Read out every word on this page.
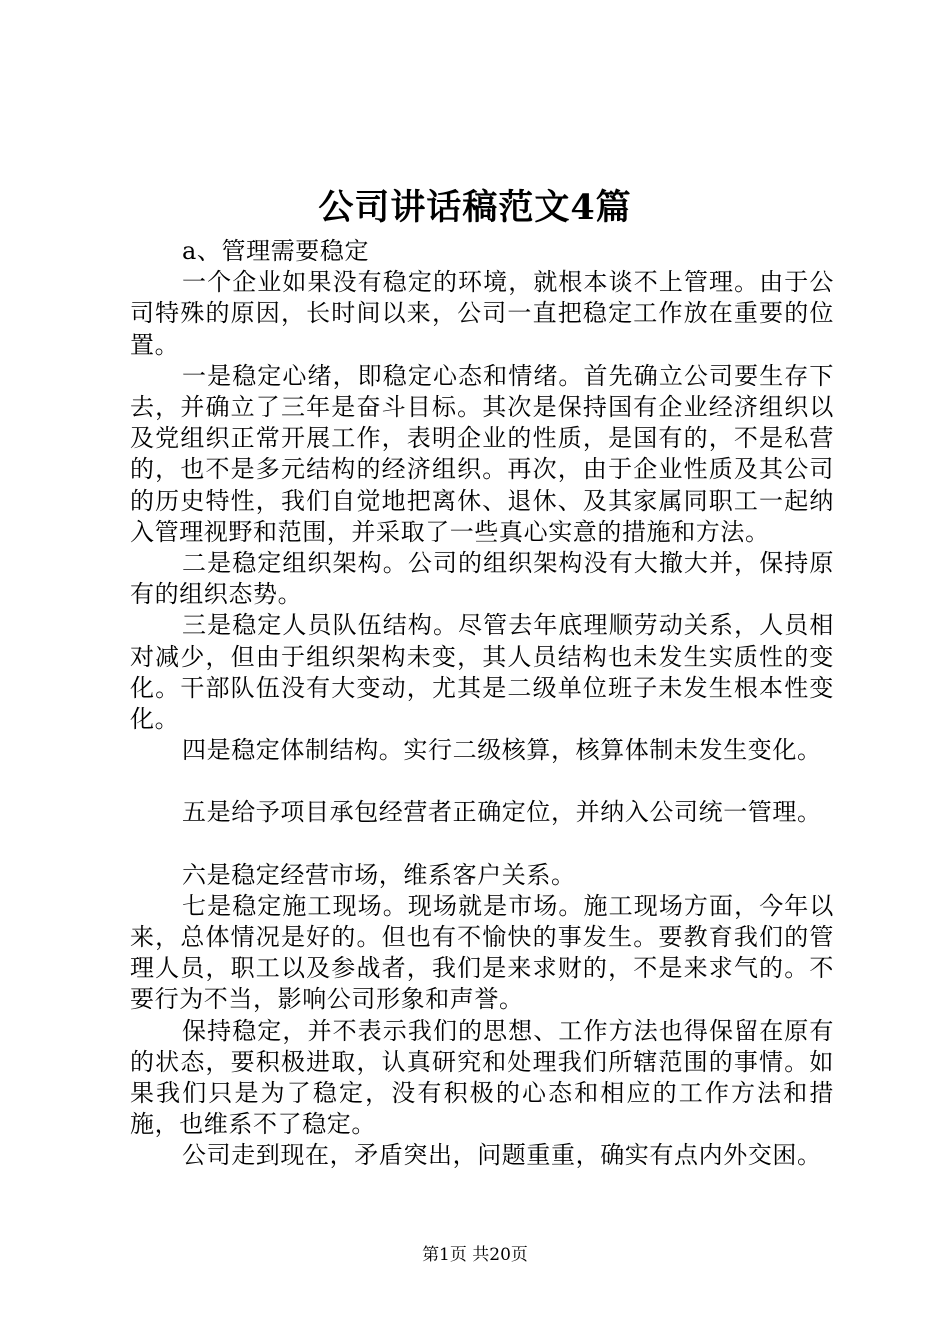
公司讲话稿范文4篇

a、管理需要稳定

一个企业如果没有稳定的环境，就根本谈不上管理。由于公司特殊的原因，长时间以来，公司一直把稳定工作放在重要的位置。

一是稳定心绪，即稳定心态和情绪。首先确立公司要生存下去，并确立了三年是奋斗目标。其次是保持国有企业经济组织以及党组织正常开展工作，表明企业的性质，是国有的，不是私营的，也不是多元结构的经济组织。再次，由于企业性质及其公司的历史特性，我们自觉地把离休、退休、及其家属同职工一起纳入管理视野和范围，并采取了一些真心实意的措施和方法。

二是稳定组织架构。公司的组织架构没有大撤大并，保持原有的组织态势。

三是稳定人员队伍结构。尽管去年底理顺劳动关系，人员相对减少，但由于组织架构未变，其人员结构也未发生实质性的变化。干部队伍没有大变动，尤其是二级单位班子未发生根本性变化。

四是稳定体制结构。实行二级核算，核算体制未发生变化。

五是给予项目承包经营者正确定位，并纳入公司统一管理。

六是稳定经营市场，维系客户关系。

七是稳定施工现场。现场就是市场。施工现场方面，今年以来，总体情况是好的。但也有不愉快的事发生。要教育我们的管理人员，职工以及参战者，我们是来求财的，不是来求气的。不要行为不当，影响公司形象和声誉。

保持稳定，并不表示我们的思想、工作方法也得保留在原有的状态，要积极进取，认真研究和处理我们所辖范围的事情。如果我们只是为了稳定，没有积极的心态和相应的工作方法和措施，也维系不了稳定。

公司走到现在，矛盾突出，问题重重，确实有点内外交困。

第1页 共20页
